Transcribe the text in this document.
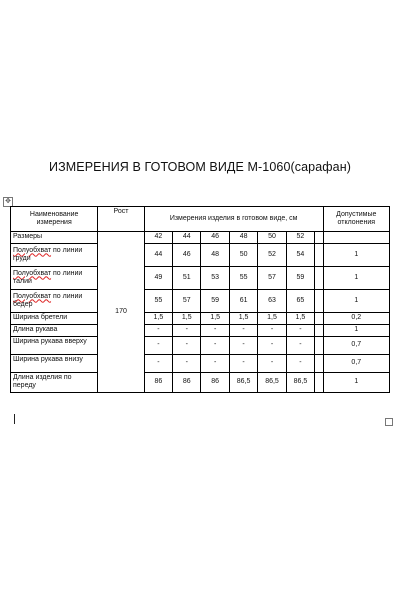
ИЗМЕРЕНИЯ В ГОТОВОМ ВИДЕ М-1060(сарафан)
✥
Наименование измерения	Рост	Измерения изделия в готовом виде, см							Допустимые отклонения
Размеры	170	42	44	46	48	50	52		
Полуобхват по линии груди		44	46	48	50	52	54		1
Полуобхват по линии талии		49	51	53	55	57	59		1
Полуобхват по линии бедер		55	57	59	61	63	65		1
Ширина бретели		1,5	1,5	1,5	1,5	1,5	1,5		0,2
Длина рукава		-	-	-	-	-	-		1
Ширина рукава вверху		-	-	-	-	-	-		0,7
Ширина рукава внизу		-	-	-	-	-	-		0,7
Длина изделия по переду		86	86	86	86,5	86,5	86,5		1
